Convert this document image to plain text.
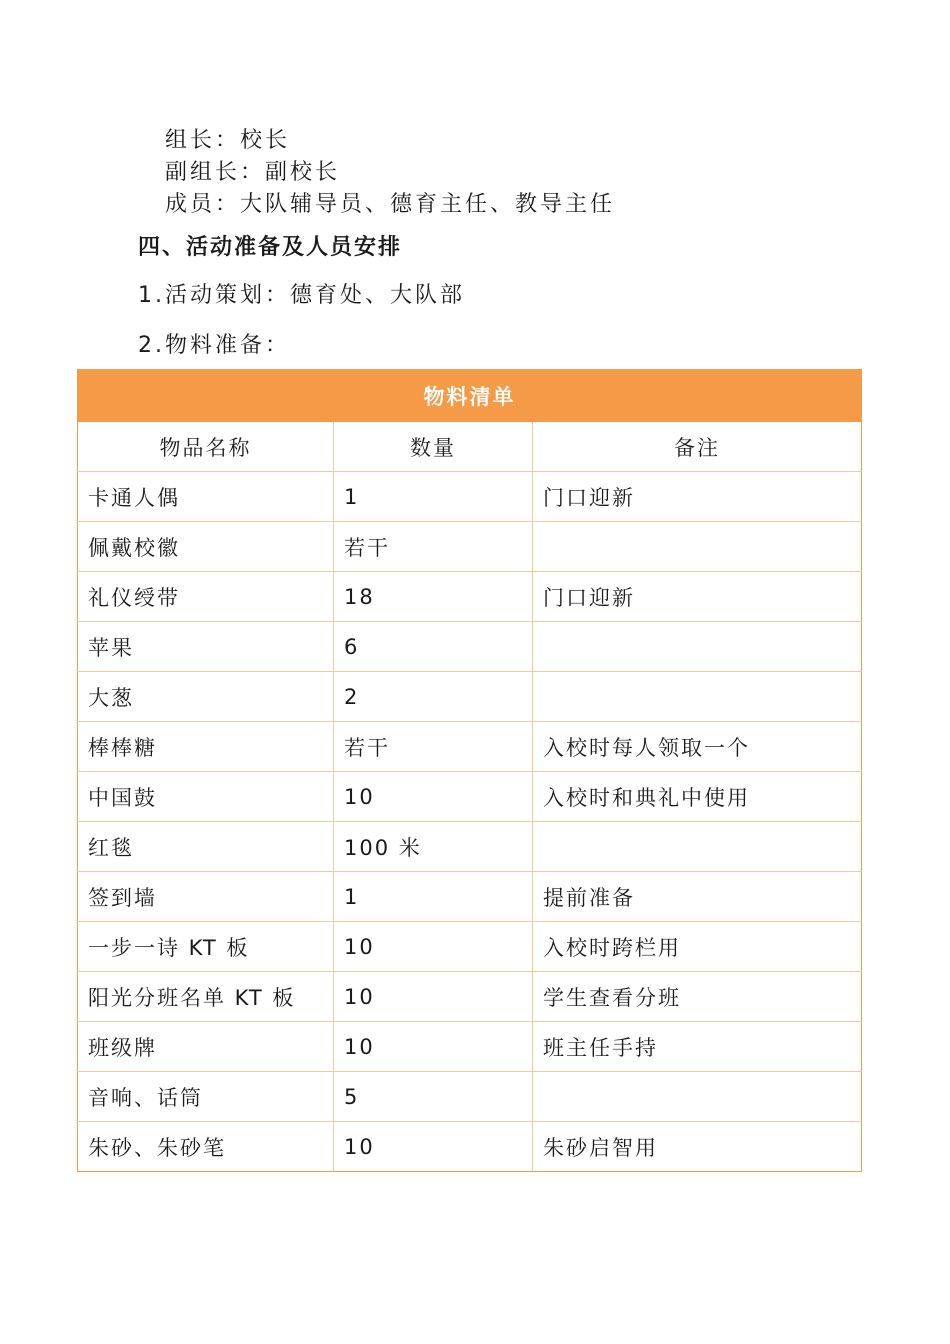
组长：校长
副组长：副校长
成员：大队辅导员、德育主任、教导主任
四、活动准备及人员安排
1.活动策划：德育处、大队部
2.物料准备：
物料清单		
物品名称	数量	备注
卡通人偶	1	门口迎新
佩戴校徽	若干	
礼仪绶带	18	门口迎新
苹果	6	
大葱	2	
棒棒糖	若干	入校时每人领取一个
中国鼓	10	入校时和典礼中使用
红毯	100 米	
签到墙	1	提前准备
一步一诗 KT 板	10	入校时跨栏用
阳光分班名单 KT 板	10	学生查看分班
班级牌	10	班主任手持
音响、话筒	5	
朱砂、朱砂笔	10	朱砂启智用
